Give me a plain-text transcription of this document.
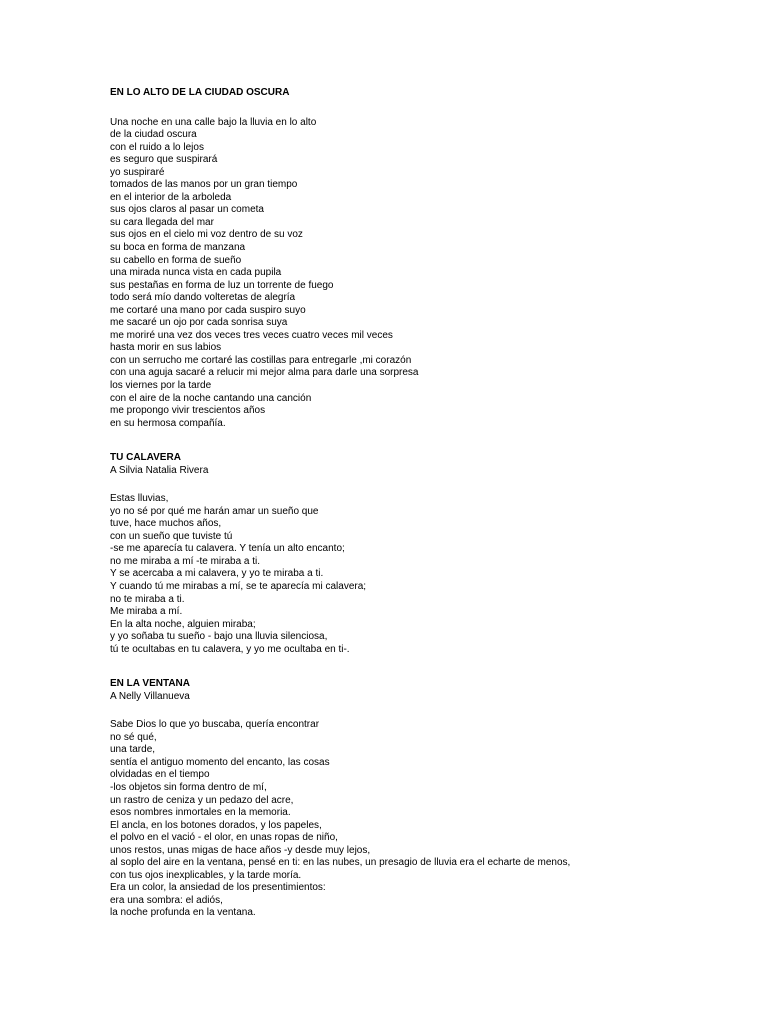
EN LO ALTO DE LA CIUDAD OSCURA
Una noche en una calle bajo la lluvia en lo alto
de la ciudad oscura
con el ruido a lo lejos
es seguro que suspirará
yo suspiraré
tomados de las manos por un gran tiempo
en el interior de la arboleda
sus ojos claros al pasar un cometa
su cara llegada del mar
sus ojos en el cielo mi voz dentro de su voz
su boca en forma de manzana
su cabello en forma de sueño
una mirada nunca vista en cada pupila
sus pestañas en forma de luz un torrente de fuego
todo será mío dando volteretas de alegría
me cortaré una mano por cada suspiro suyo
me sacaré un ojo por cada sonrisa suya
me moriré una vez dos veces tres veces cuatro veces mil veces
hasta morir en sus labios
con un serrucho me cortaré las costillas para entregarle ,mi corazón
con una aguja sacaré a relucir mi mejor alma para darle una sorpresa
los viernes por la tarde
con el aire de la noche cantando una canción
me propongo vivir trescientos años
en su hermosa compañía.
TU CALAVERA

A Silvia Natalia Rivera

Estas lluvias,
yo no sé por qué me harán amar un sueño que
tuve, hace muchos años,
con un sueño que tuviste tú
-se me aparecía tu calavera. Y tenía un alto encanto;
no me miraba a mí -te miraba a ti.
Y se acercaba a mi calavera, y yo te miraba a ti.
Y cuando tú me mirabas a mí, se te aparecía mi calavera;
no te miraba a ti.
Me miraba a mí.
En la alta noche, alguien miraba;
y yo soñaba tu sueño - bajo una lluvia silenciosa,
tú te ocultabas en tu calavera, y yo me ocultaba en ti-.
EN LA VENTANA

A Nelly Villanueva

Sabe Dios lo que yo buscaba, quería encontrar
no sé qué,
una tarde,
sentía el antiguo momento del encanto, las cosas
olvidadas en el tiempo
-los objetos sin forma dentro de mí,
un rastro de ceniza y un pedazo del acre,
esos nombres inmortales en la memoria.
El ancla, en los botones dorados, y los papeles,
el polvo en el vació - el olor, en unas ropas de niño,
unos restos, unas migas de hace años -y desde muy lejos,
al soplo del aire en la ventana, pensé en ti: en las nubes, un presagio de lluvia era el echarte de menos,
con tus ojos inexplicables, y la tarde moría.
Era un color, la ansiedad de los presentimientos:
era una sombra: el adiós,
la noche profunda en la ventana.
